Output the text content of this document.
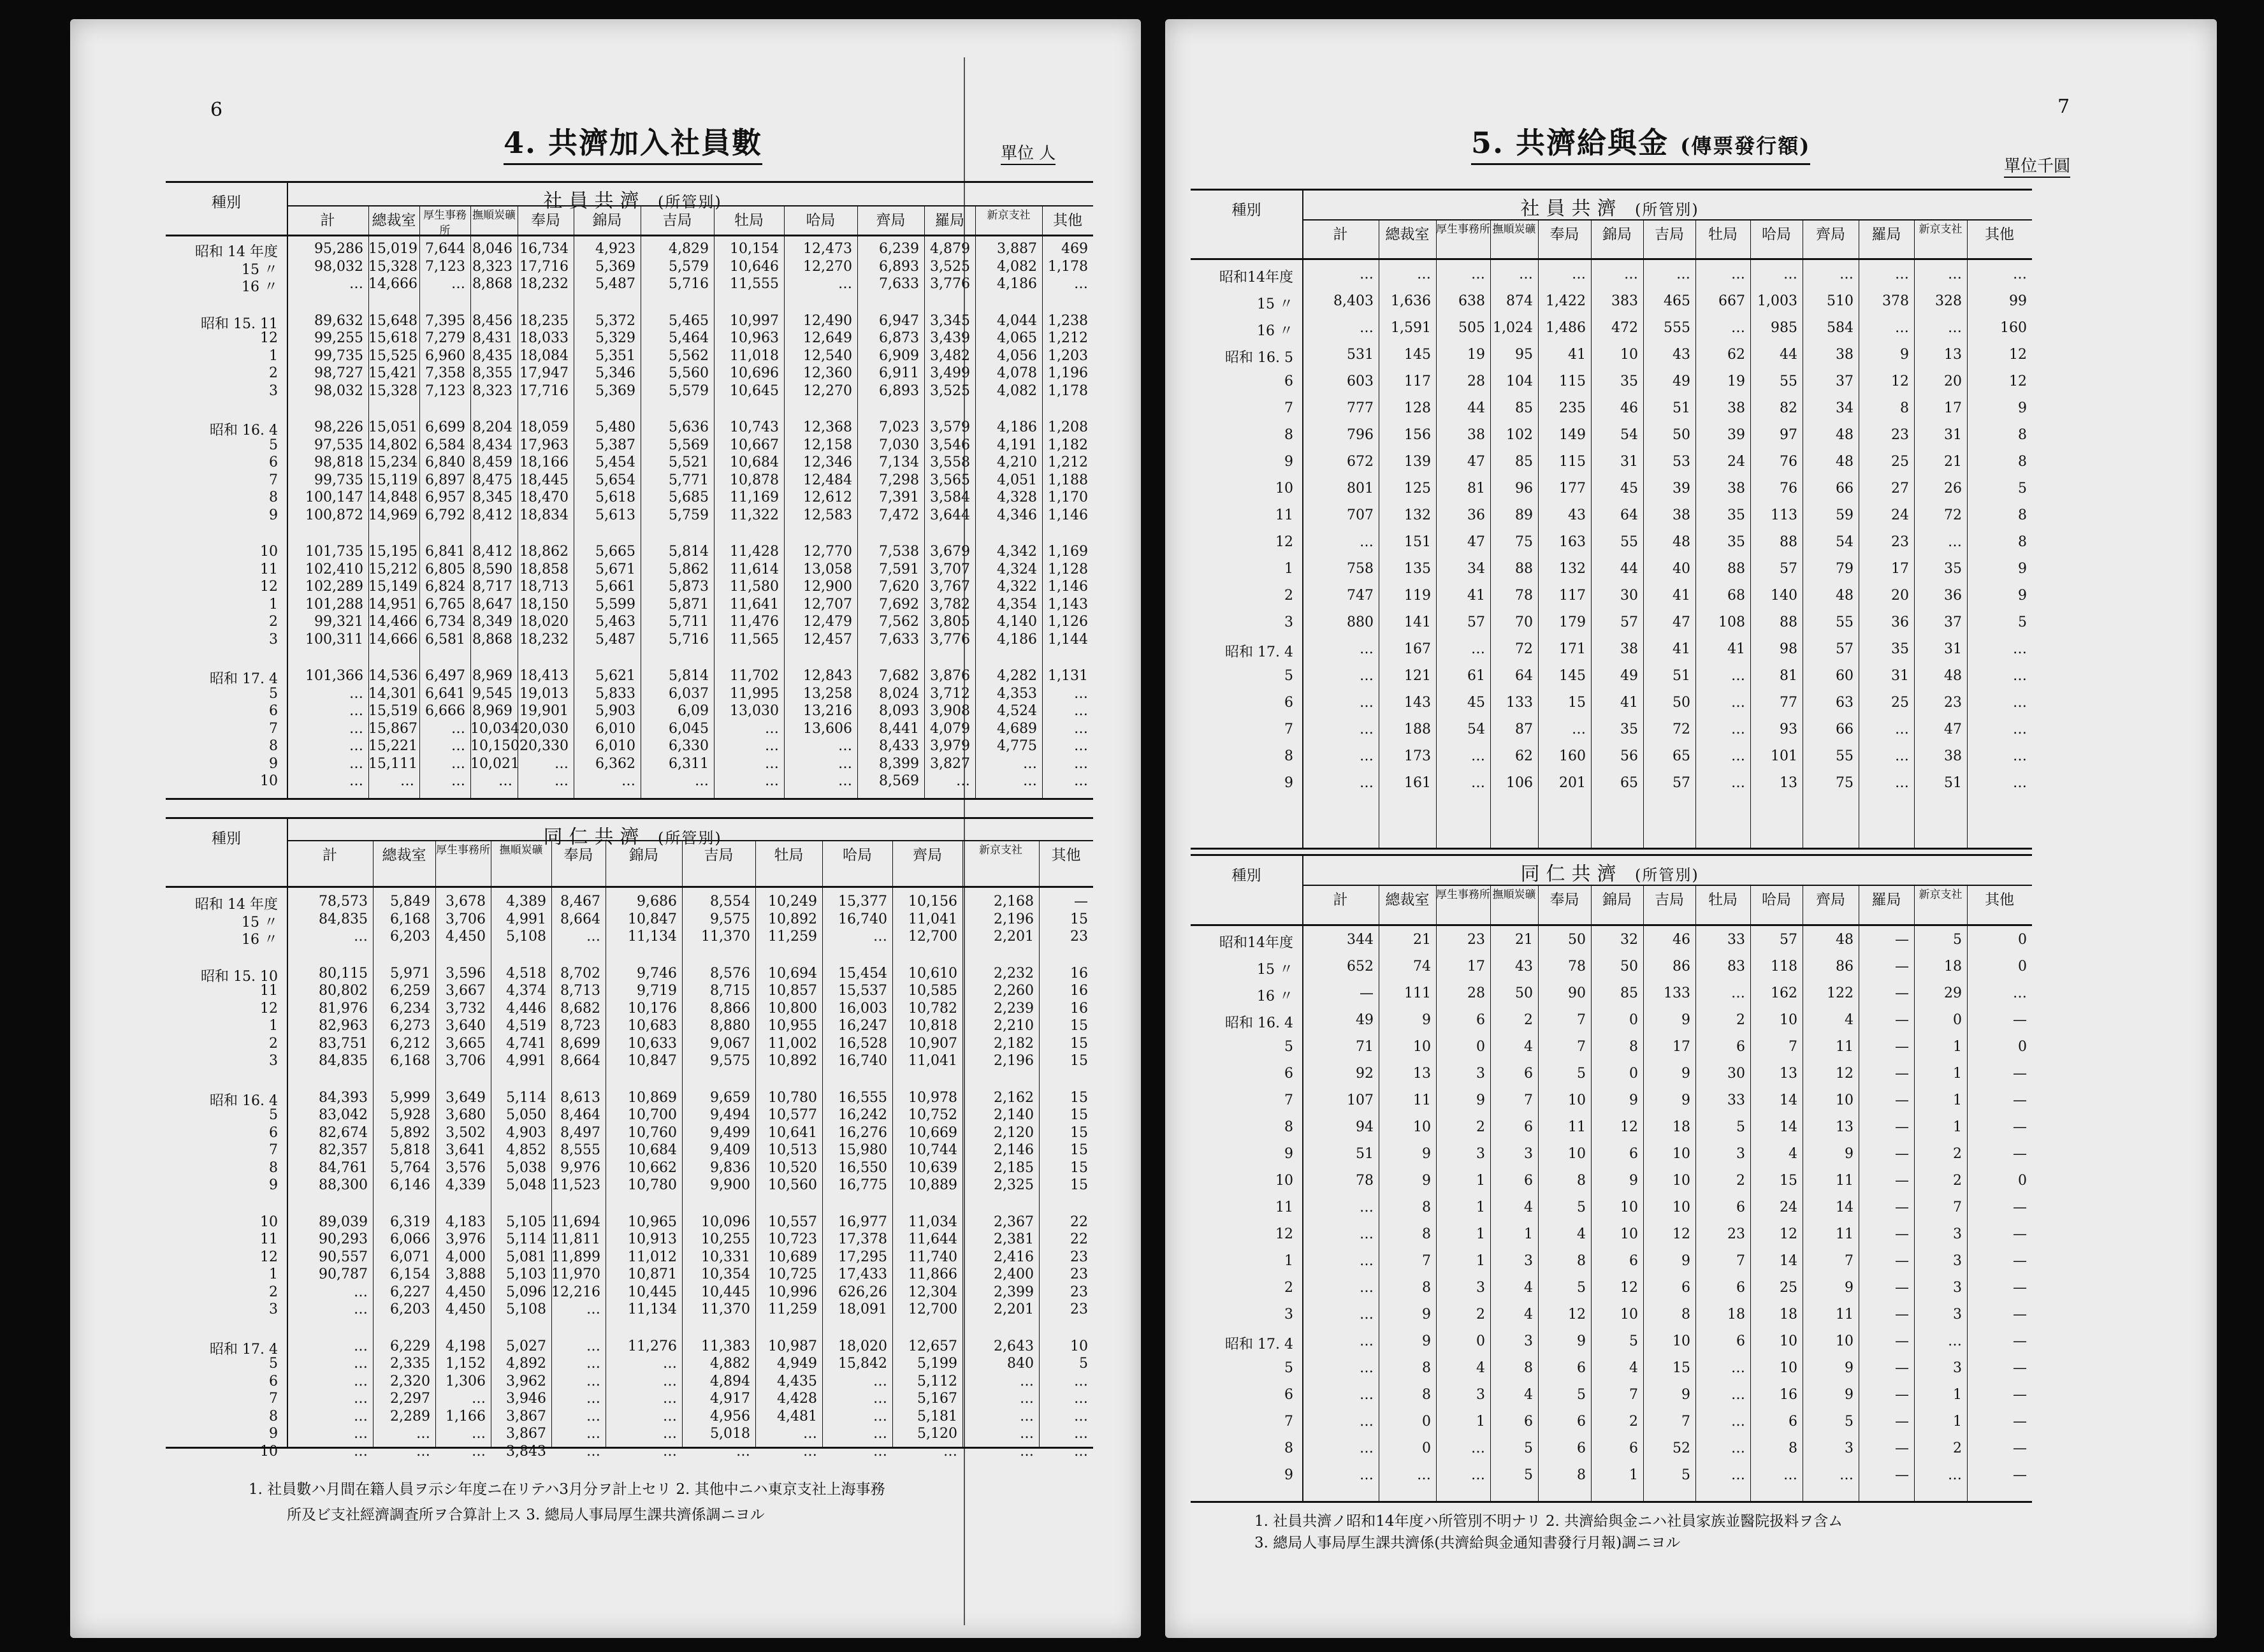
6
4. 共濟加入社員數	單位 人
種別	社員共濟 (所管別)
計	總裁室 厚生事務所
撫順炭礦	奉局	錦局	吉局	牡局	哈局	齊局	羅局	新京支社	其他
昭和 14 年度	95,286 15,019 7,644 8,046 16,734	4,923	4,829	10,154	12,473	6,239 4,879	3,887	469
15 〃	98,032 15,328 7,123 8,323 17,716	5,369	5,579	10,646	12,270	6,893 3,525	4,082 1,178
16 〃	… 14,666	… 8,868 18,232	5,487	5,716	11,555	…	7,633 3,776	4,186	…
昭和 15. 11	89,632 15,648 7,395 8,456 18,235	5,372	5,465	10,997	12,490	6,947 3,345	4,044 1,238
12	99,255 15,618 7,279 8,431 18,033	5,329	5,464	10,963	12,649	6,873 3,439	4,065 1,212
1	99,735 15,525 6,960 8,435 18,084	5,351	5,562	11,018	12,540	6,909 3,482	4,056 1,203
2	98,727 15,421 7,358 8,355 17,947	5,346	5,560	10,696	12,360	6,911 3,499	4,078 1,196
3	98,032 15,328 7,123 8,323 17,716	5,369	5,579	10,645	12,270	6,893 3,525	4,082 1,178
昭和 16. 4	98,226 15,051 6,699 8,204 18,059	5,480	5,636	10,743	12,368	7,023 3,579	4,186 1,208
5	97,535 14,802 6,584 8,434 17,963	5,387	5,569	10,667	12,158	7,030 3,546	4,191 1,182
6	98,818 15,234 6,840 8,459 18,166	5,454	5,521	10,684	12,346	7,134 3,558	4,210 1,212
7	99,735 15,119 6,897 8,475 18,445	5,654	5,771	10,878	12,484	7,298 3,565	4,051 1,188
8	100,147 14,848 6,957 8,345 18,470	5,618	5,685	11,169	12,612	7,391 3,584	4,328 1,170
9	100,872 14,969 6,792 8,412 18,834	5,613	5,759	11,322	12,583	7,472 3,644	4,346 1,146
10	101,735 15,195 6,841 8,412 18,862	5,665	5,814	11,428	12,770	7,538 3,679	4,342 1,169
11	102,410 15,212 6,805 8,590 18,858	5,671	5,862	11,614	13,058	7,591 3,707	4,324 1,128
12	102,289 15,149 6,824 8,717 18,713	5,661	5,873	11,580	12,900	7,620 3,767	4,322 1,146
1	101,288 14,951 6,765 8,647 18,150	5,599	5,871	11,641	12,707	7,692 3,782	4,354 1,143
2	99,321 14,466 6,734 8,349 18,020	5,463	5,711	11,476	12,479	7,562 3,805	4,140 1,126
3	100,311 14,666 6,581 8,868 18,232	5,487	5,716	11,565	12,457	7,633 3,776	4,186 1,144
昭和 17. 4	101,366 14,536 6,497 8,969 18,413	5,621	5,814	11,702	12,843	7,682 3,876	4,282 1,131
5	… 14,301 6,641 9,545 19,013	5,833	6,037	11,995	13,258	8,024 3,712	4,353	…
6	… 15,519 6,666 8,969 19,901	5,903	6,09	13,030	13,216	8,093 3,908	4,524	…
7	… 15,867	… 10,034 20,030	6,010	6,045	…	13,606	8,441 4,079	4,689	…
8	… 15,221	… 10,150 20,330	6,010	6,330	…	…	8,433 3,979	4,775	…
9	… 15,111	… 10,021	…	6,362	6,311	…	…	8,399 3,827	…	…
10	…	…	…	…	…	…	…	…	…	8,569	…	…	…
種別	同仁共濟 (所管別)
計	總裁室 厚生事務所 撫順炭礦	奉局	錦局	吉局	牡局	哈局	齊局	新京支社	其他
昭和 14 年度	78,573	5,849	3,678	4,389	8,467	9,686	8,554	10,249	15,377	10,156	2,168	—
15 〃	84,835	6,168	3,706	4,991	8,664	10,847	9,575	10,892	16,740	11,041	2,196	15
16 〃	…	6,203	4,450	5,108	…	11,134	11,370	11,259	…	12,700	2,201	23
昭和 15. 10	80,115	5,971	3,596	4,518	8,702	9,746	8,576	10,694	15,454	10,610	2,232	16
11	80,802	6,259	3,667	4,374	8,713	9,719	8,715	10,857	15,537	10,585	2,260	16
12	81,976	6,234	3,732	4,446	8,682	10,176	8,866	10,800	16,003	10,782	2,239	16
1	82,963	6,273	3,640	4,519	8,723	10,683	8,880	10,955	16,247	10,818	2,210	15
2	83,751	6,212	3,665	4,741	8,699	10,633	9,067	11,002	16,528	10,907	2,182	15
3	84,835	6,168	3,706	4,991	8,664	10,847	9,575	10,892	16,740	11,041	2,196	15
昭和 16. 4	84,393	5,999	3,649	5,114	8,613	10,869	9,659	10,780	16,555	10,978	2,162	15
5	83,042	5,928	3,680	5,050	8,464	10,700	9,494	10,577	16,242	10,752	2,140	15
6	82,674	5,892	3,502	4,903	8,497	10,760	9,499	10,641	16,276	10,669	2,120	15
7	82,357	5,818	3,641	4,852	8,555	10,684	9,409	10,513	15,980	10,744	2,146	15
8	84,761	5,764	3,576	5,038	9,976	10,662	9,836	10,520	16,550	10,639	2,185	15
9	88,300	6,146	4,339	5,048 11,523	10,780	9,900	10,560	16,775	10,889	2,325	15
10	89,039	6,319	4,183	5,105 11,694	10,965	10,096	10,557	16,977	11,034	2,367	22
11	90,293	6,066	3,976	5,114 11,811	10,913	10,255	10,723	17,378	11,644	2,381	22
12	90,557	6,071	4,000	5,081 11,899	11,012	10,331	10,689	17,295	11,740	2,416	23
1	90,787	6,154	3,888	5,103 11,970	10,871	10,354	10,725	17,433	11,866	2,400	23
2	…	6,227	4,450	5,096 12,216	10,445	10,445	10,996	626,26	12,304	2,399	23
3	…	6,203	4,450	5,108	…	11,134	11,370	11,259	18,091	12,700	2,201	23
昭和 17. 4	…	6,229	4,198	5,027	…	11,276	11,383	10,987	18,020	12,657	2,643	10
5	…	2,335	1,152	4,892	…	…	4,882	4,949	15,842	5,199	840	5
6	…	2,320	1,306	3,962	…	…	4,894	4,435	…	5,112	…	…
7	…	2,297	…	3,946	…	…	4,917	4,428	…	5,167	…	…
8	…	2,289	1,166	3,867	…	…	4,956	4,481	…	5,181	…	…
9	…	…	…	3,867	…	…	5,018	…	…	5,120	…	…
10	…	…	…	3,843	…	…	…	…	…	…	…	…
1. 社員數ハ月間在籍人員ヲ示シ年度ニ在リテハ3月分ヲ計上セリ 2. 其他中ニハ東京支社上海事務
所及ビ支社經濟調査所ヲ合算計上ス 3. 總局人事局厚生課共濟係調ニヨル
7
5. 共濟給與金 (傳票發行額)
單位千圓
種別	社員共濟 (所管別)
計	總裁室 厚生事務所 撫順炭礦 奉局	錦局	吉局	牡局	哈局	齊局	羅局	新京支社	其他
昭和14年度	…	…	…	…	…	…	…	…	…	…	…	…	…
15 〃	8,403	1,636	638	874 1,422	383	465	667 1,003	510	378	328	99
16 〃	…	1,591	505 1,024 1,486	472	555	…	985	584	…	…	160
昭和 16. 5	531	145	19	95	41	10	43	62	44	38	9	13	12
6	603	117	28	104	115	35	49	19	55	37	12	20	12
7	777	128	44	85	235	46	51	38	82	34	8	17	9
8	796	156	38	102	149	54	50	39	97	48	23	31	8
9	672	139	47	85	115	31	53	24	76	48	25	21	8
10	801	125	81	96	177	45	39	38	76	66	27	26	5
11	707	132	36	89	43	64	38	35	113	59	24	72	8
12	…	151	47	75	163	55	48	35	88	54	23	…	8
1	758	135	34	88	132	44	40	88	57	79	17	35	9
2	747	119	41	78	117	30	41	68	140	48	20	36	9
3	880	141	57	70	179	57	47	108	88	55	36	37	5
昭和 17. 4	…	167	…	72	171	38	41	41	98	57	35	31	…
5	…	121	61	64	145	49	51	…	81	60	31	48	…
6	…	143	45	133	15	41	50	…	77	63	25	23	…
7	…	188	54	87	…	35	72	…	93	66	…	47	…
8	…	173	…	62	160	56	65	…	101	55	…	38	…
9	…	161	…	106	201	65	57	…	13	75	…	51	…
種別	同仁共濟 (所管別)
計	總裁室 厚生事務所 撫順炭礦 奉局	錦局	吉局	牡局	哈局	齊局	羅局	新京支社	其他
昭和14年度	344	21	23	21	50	32	46	33	57	48	—	5	0
15 〃	652	74	17	43	78	50	86	83	118	86	—	18	0
16 〃	—	111	28	50	90	85	133	…	162	122	—	29	…
昭和 16. 4	49	9	6	2	7	0	9	2	10	4	—	0	—
5	71	10	0	4	7	8	17	6	7	11	—	1	0
6	92	13	3	6	5	0	9	30	13	12	—	1	—
7	107	11	9	7	10	9	9	33	14	10	—	1	—
8	94	10	2	6	11	12	18	5	14	13	—	1	—
9	51	9	3	3	10	6	10	3	4	9	—	2	—
10	78	9	1	6	8	9	10	2	15	11	—	2	0
11	…	8	1	4	5	10	10	6	24	14	—	7	—
12	…	8	1	1	4	10	12	23	12	11	—	3	—
1	…	7	1	3	8	6	9	7	14	7	—	3	—
2	…	8	3	4	5	12	6	6	25	9	—	3	—
3	…	9	2	4	12	10	8	18	18	11	—	3	—
昭和 17. 4	…	9	0	3	9	5	10	6	10	10	—	…	—
5	…	8	4	8	6	4	15	…	10	9	—	3	—
6	…	8	3	4	5	7	9	…	16	9	—	1	—
7	…	0	1	6	6	2	7	…	6	5	—	1	—
8	…	0	…	5	6	6	52	…	8	3	—	2	—
9	…	…	…	5	8	1	5	…	…	…	—	…	—
1. 社員共濟ノ昭和14年度ハ所管別不明ナリ 2. 共濟給與金ニハ社員家族並醫院扱料ヲ含ム
3. 總局人事局厚生課共濟係(共濟給與金通知書發行月報)調ニヨル
